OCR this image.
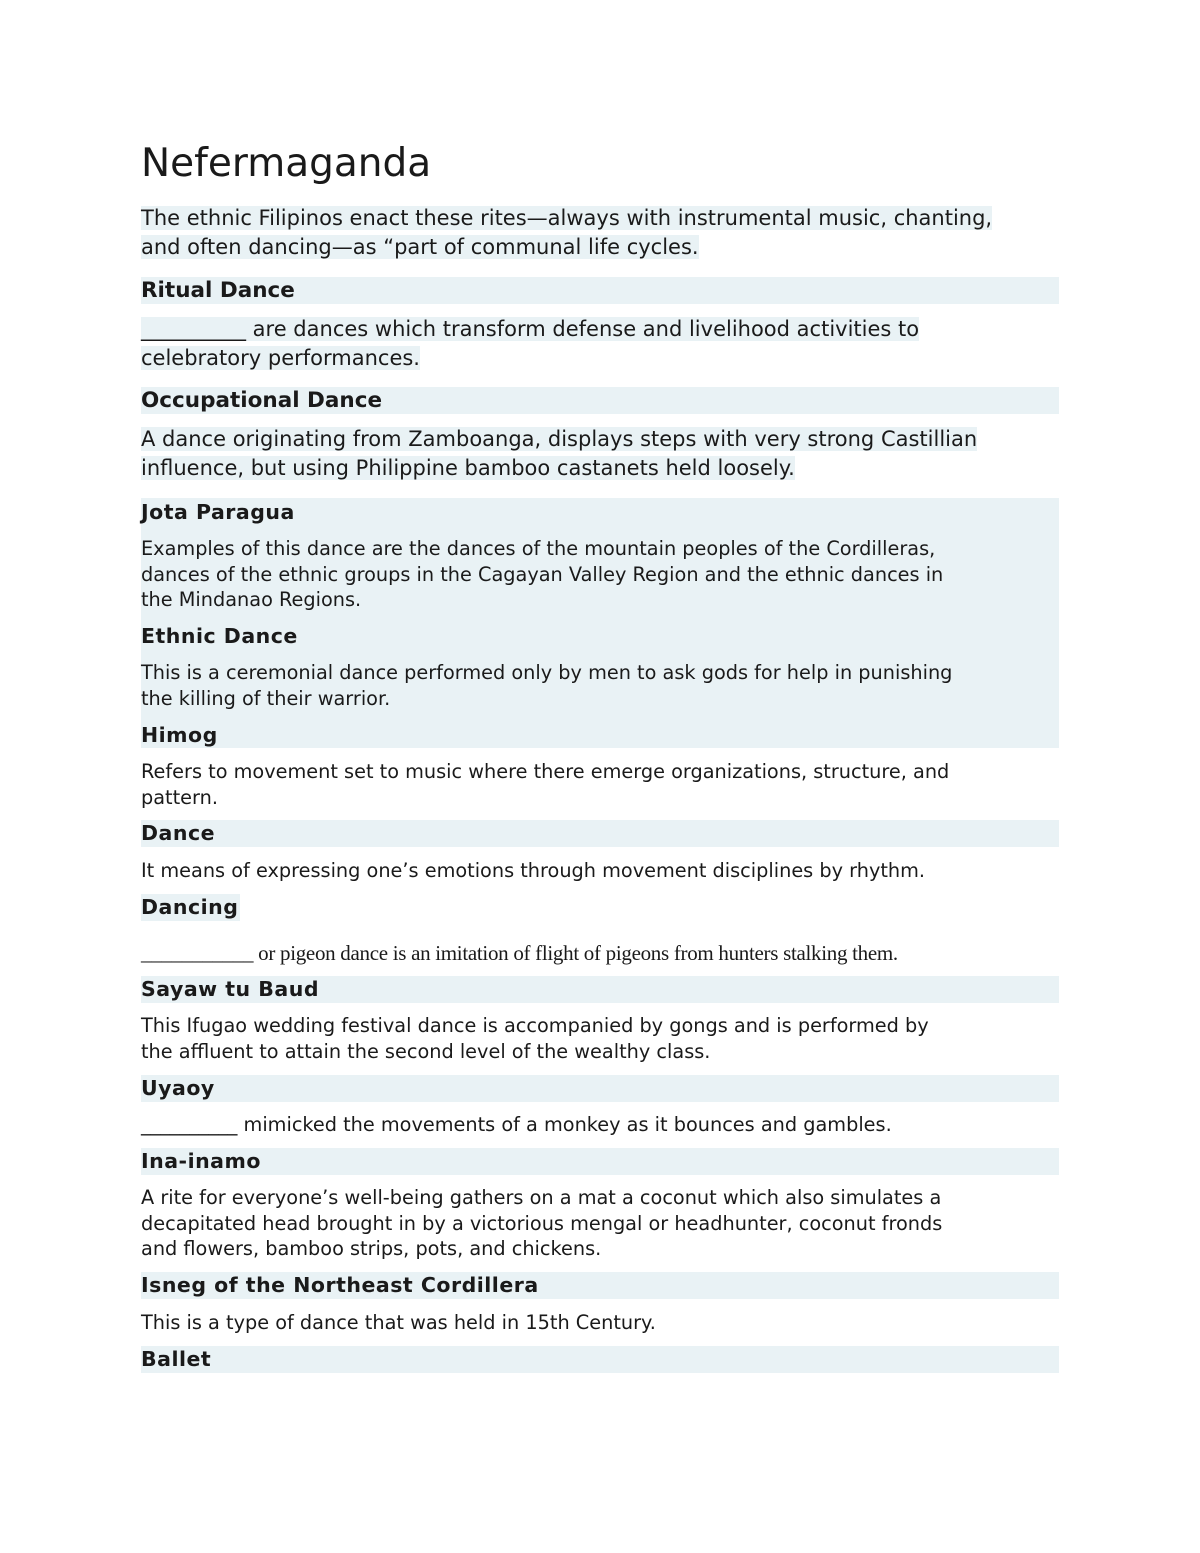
Nefermaganda
The ethnic Filipinos enact these rites—always with instrumental music, chanting,
and often dancing—as “part of communal life cycles.
Ritual Dance
__________ are dances which transform defense and livelihood activities to
celebratory performances.
Occupational Dance
A dance originating from Zamboanga, displays steps with very strong Castillian
influence, but using Philippine bamboo castanets held loosely.
Jota Paragua
Examples of this dance are the dances of the mountain peoples of the Cordilleras,
dances of the ethnic groups in the Cagayan Valley Region and the ethnic dances in
the Mindanao Regions.
Ethnic Dance
This is a ceremonial dance performed only by men to ask gods for help in punishing
the killing of their warrior.
Himog
Refers to movement set to music where there emerge organizations, structure, and
pattern.
Dance
It means of expressing one’s emotions through movement disciplines by rhythm.
Dancing
___________ or pigeon dance is an imitation of flight of pigeons from hunters stalking them.
Sayaw tu Baud
This Ifugao wedding festival dance is accompanied by gongs and is performed by
the affluent to attain the second level of the wealthy class.
Uyaoy
__________ mimicked the movements of a monkey as it bounces and gambles.
Ina-inamo
A rite for everyone’s well-being gathers on a mat a coconut which also simulates a
decapitated head brought in by a victorious mengal or headhunter, coconut fronds
and flowers, bamboo strips, pots, and chickens.
Isneg of the Northeast Cordillera
This is a type of dance that was held in 15th Century.
Ballet
